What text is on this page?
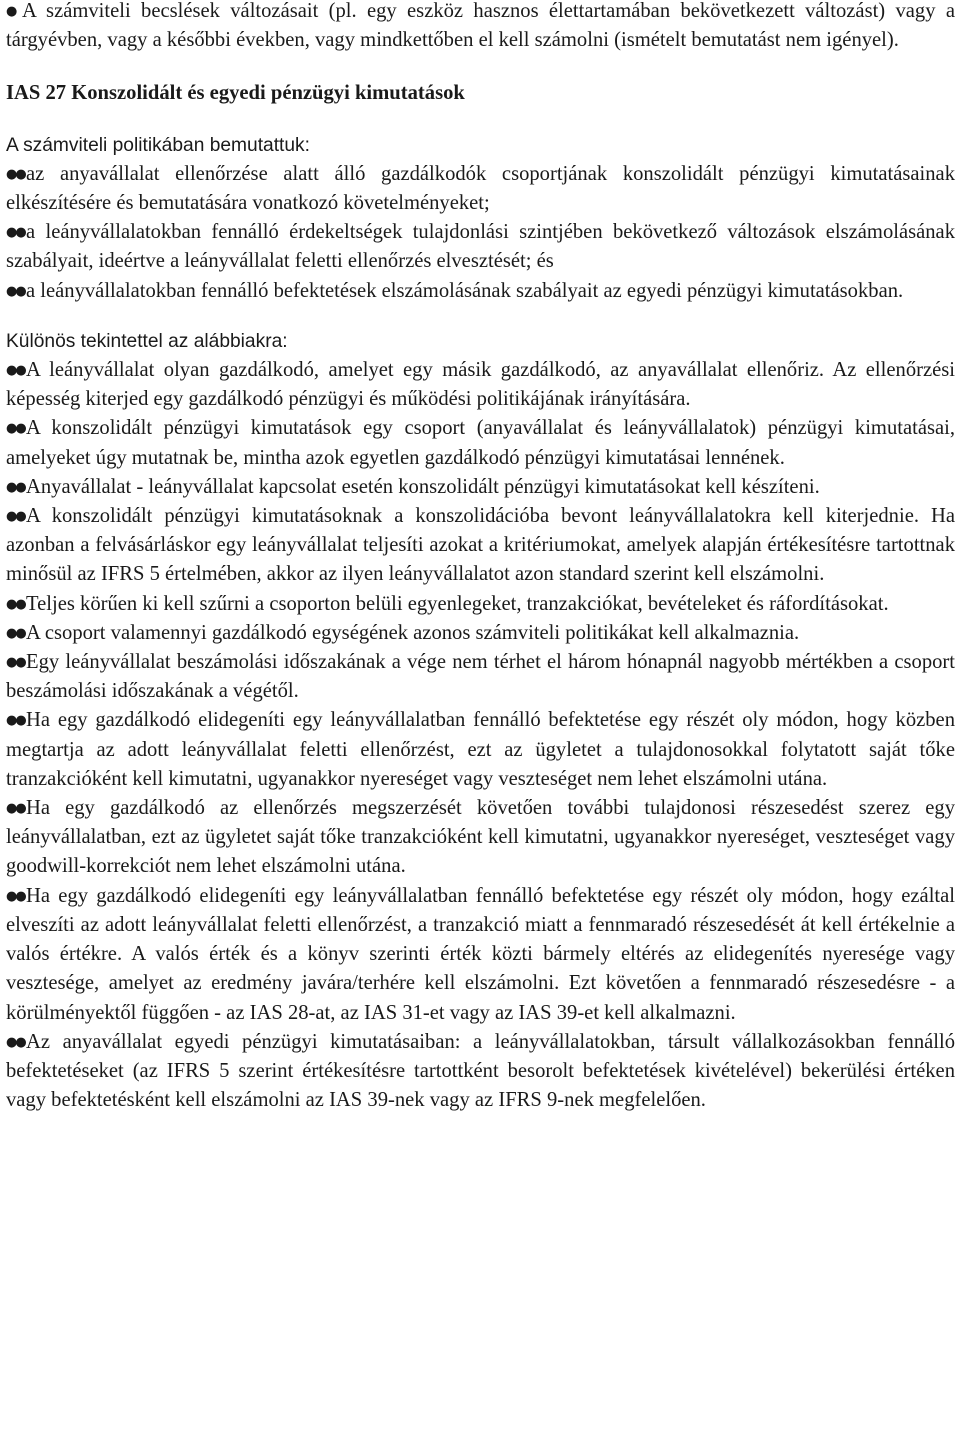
● A számviteli becslések változásait (pl. egy eszköz hasznos élettartamában bekövetkezett változást) vagy a tárgyévben, vagy a későbbi években, vagy mindkettőben el kell számolni (ismételt bemutatást nem igényel).

IAS 27 Konszolidált és egyedi pénzügyi kimutatások

A számviteli politikában bemutattuk:

●●az anyavállalat ellenőrzése alatt álló gazdálkodók csoportjának konszolidált pénzügyi kimutatásainak elkészítésére és bemutatására vonatkozó követelményeket;

●●a leányvállalatokban fennálló érdekeltségek tulajdonlási szintjében bekövetkező változások elszámolásának szabályait, ideértve a leányvállalat feletti ellenőrzés elvesztését; és

●●a leányvállalatokban fennálló befektetések elszámolásának szabályait az egyedi pénzügyi kimutatásokban.

Különös tekintettel az alábbiakra:

●●A leányvállalat olyan gazdálkodó, amelyet egy másik gazdálkodó, az anyavállalat ellenőriz. Az ellenőrzési képesség kiterjed egy gazdálkodó pénzügyi és működési politikájának irányítására.

●●A konszolidált pénzügyi kimutatások egy csoport (anyavállalat és leányvállalatok) pénzügyi kimutatásai, amelyeket úgy mutatnak be, mintha azok egyetlen gazdálkodó pénzügyi kimutatásai lennének.

●●Anyavállalat - leányvállalat kapcsolat esetén konszolidált pénzügyi kimutatásokat kell készíteni.

●●A konszolidált pénzügyi kimutatásoknak a konszolidációba bevont leányvállalatokra kell kiterjednie. Ha azonban a felvásárláskor egy leányvállalat teljesíti azokat a kritériumokat, amelyek alapján értékesítésre tartottnak minősül az IFRS 5 értelmében, akkor az ilyen leányvállalatot azon standard szerint kell elszámolni.

●●Teljes körűen ki kell szűrni a csoporton belüli egyenlegeket, tranzakciókat, bevételeket és ráfordításokat.

●●A csoport valamennyi gazdálkodó egységének azonos számviteli politikákat kell alkalmaznia.

●●Egy leányvállalat beszámolási időszakának a vége nem térhet el három hónapnál nagyobb mértékben a csoport beszámolási időszakának a végétől.

●●Ha egy gazdálkodó elidegeníti egy leányvállalatban fennálló befektetése egy részét oly módon, hogy közben megtartja az adott leányvállalat feletti ellenőrzést, ezt az ügyletet a tulajdonosokkal folytatott saját tőke tranzakcióként kell kimutatni, ugyanakkor nyereséget vagy veszteséget nem lehet elszámolni utána.

●●Ha egy gazdálkodó az ellenőrzés megszerzését követően további tulajdonosi részesedést szerez egy leányvállalatban, ezt az ügyletet saját tőke tranzakcióként kell kimutatni, ugyanakkor nyereséget, veszteséget vagy goodwill-korrekciót nem lehet elszámolni utána.

●●Ha egy gazdálkodó elidegeníti egy leányvállalatban fennálló befektetése egy részét oly módon, hogy ezáltal elveszíti az adott leányvállalat feletti ellenőrzést, a tranzakció miatt a fennmaradó részesedését át kell értékelnie a valós értékre. A valós érték és a könyv szerinti érték közti bármely eltérés az elidegenítés nyeresége vagy vesztesége, amelyet az eredmény javára/terhére kell elszámolni. Ezt követően a fennmaradó részesedésre - a körülményektől függően - az IAS 28-at, az IAS 31-et vagy az IAS 39-et kell alkalmazni.

●●Az anyavállalat egyedi pénzügyi kimutatásaiban: a leányvállalatokban, társult vállalkozásokban fennálló befektetéseket (az IFRS 5 szerint értékesítésre tartottként besorolt befektetések kivételével) bekerülési értéken vagy befektetésként kell elszámolni az IAS 39-nek vagy az IFRS 9-nek megfelelően.
